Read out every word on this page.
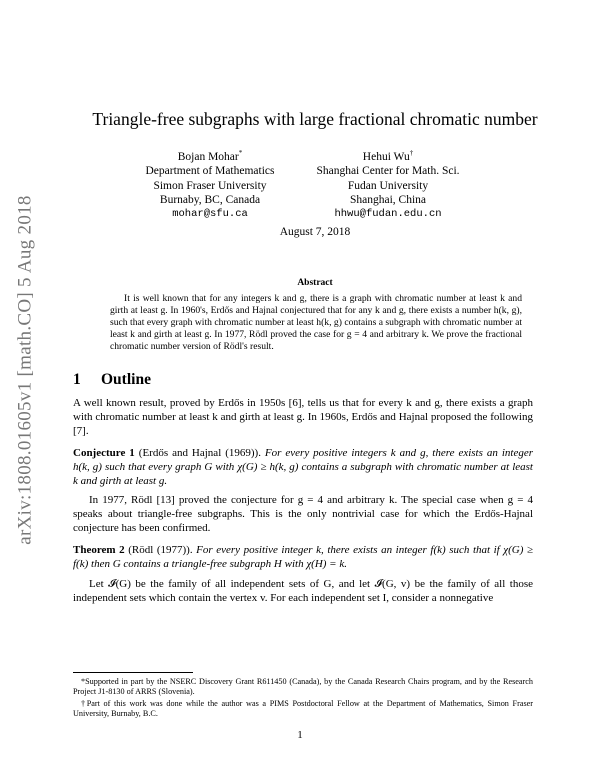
arXiv:1808.01605v1 [math.CO] 5 Aug 2018
Triangle-free subgraphs with large fractional chromatic number
Bojan Mohar*
Department of Mathematics
Simon Fraser University
Burnaby, BC, Canada
mohar@sfu.ca
Hehui Wu†
Shanghai Center for Math. Sci.
Fudan University
Shanghai, China
hhwu@fudan.edu.cn
August 7, 2018
Abstract

It is well known that for any integers k and g, there is a graph with chromatic number at least k and girth at least g. In 1960's, Erdős and Hajnal conjectured that for any k and g, there exists a number h(k, g), such that every graph with chromatic number at least h(k, g) contains a subgraph with chromatic number at least k and girth at least g. In 1977, Rödl proved the case for g = 4 and arbitrary k. We prove the fractional chromatic number version of Rödl's result.

1 Outline

A well known result, proved by Erdős in 1950s [6], tells us that for every k and g, there exists a graph with chromatic number at least k and girth at least g. In 1960s, Erdős and Hajnal proposed the following [7].

Conjecture 1 (Erdős and Hajnal (1969)). For every positive integers k and g, there exists an integer h(k, g) such that every graph G with χ(G) ≥ h(k, g) contains a subgraph with chromatic number at least k and girth at least g.

In 1977, Rödl [13] proved the conjecture for g = 4 and arbitrary k. The special case when g = 4 speaks about triangle-free subgraphs. This is the only nontrivial case for which the Erdős-Hajnal conjecture has been confirmed.

Theorem 2 (Rödl (1977)). For every positive integer k, there exists an integer f(k) such that if χ(G) ≥ f(k) then G contains a triangle-free subgraph H with χ(H) = k.

Let 𝓘(G) be the family of all independent sets of G, and let 𝓘(G, v) be the family of all those independent sets which contain the vertex v. For each independent set I, consider a nonnegative

*Supported in part by the NSERC Discovery Grant R611450 (Canada), by the Canada Research Chairs program, and by the Research Project J1-8130 of ARRS (Slovenia).

†Part of this work was done while the author was a PIMS Postdoctoral Fellow at the Department of Mathematics, Simon Fraser University, Burnaby, B.C.

1
